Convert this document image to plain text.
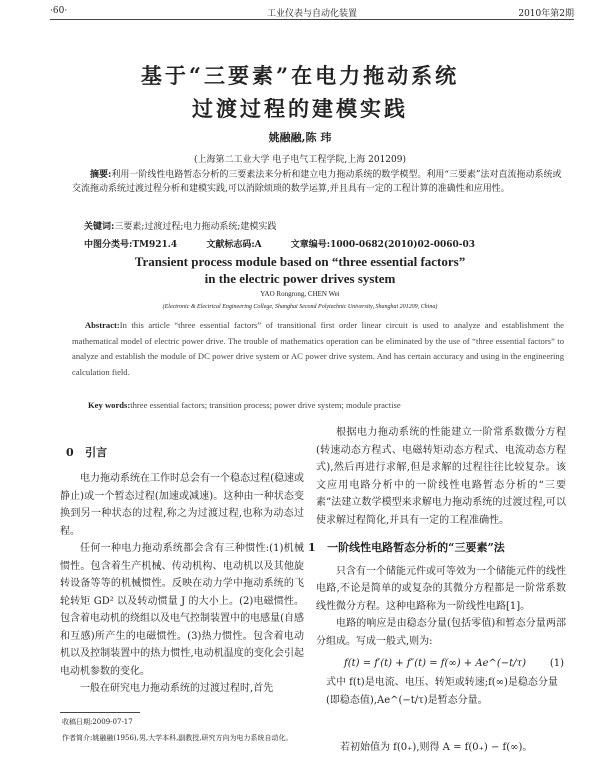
·60·	工业仪表与自动化装置	2010年第2期
基于“三要素”在电力拖动系统
过渡过程的建模实践
姚融融,陈 玮
(上海第二工业大学 电子电气工程学院,上海 201209)
摘要:利用一阶线性电路暂态分析的三要素法来分析和建立电力拖动系统的数学模型。利用“三要素”法对直流拖动系统或交流拖动系统过渡过程分析和建模实践,可以消除烦琐的数学运算,并且具有一定的工程计算的准确性和应用性。
关键词:三要素;过渡过程;电力拖动系统;建模实践
中图分类号:TM921.4	文献标志码:A	文章编号:1000-0682(2010)02-0060-03
Transient process module based on “three essential factors”
in the electric power drives system
YAO Rongrong, CHEN Wei
(Electronic & Electrical Engineering College, Shanghai Second Polytechnic University, Shanghai 201209, China)
Abstract:In this article “three essential factors” of transitional first order linear circuit is used to analyze and establishment the mathematical model of electric power drive. The trouble of mathematics operation can be eliminated by the use of “three essential factors” to analyze and establish the module of DC power drive system or AC power drive system. And has certain accuracy and using in the engineering calculation field.
Key words:three essential factors; transition process; power drive system; module practise
0 引言

电力拖动系统在工作时总会有一个稳态过程(稳速或静止)或一个暂态过程(加速或减速)。这种由一种状态变换到另一种状态的过程,称之为过渡过程,也称为动态过程。

任何一种电力拖动系统都会含有三种惯性:(1)机械惯性。包含着生产机械、传动机构、电动机以及其他旋转设备等等的机械惯性。反映在动力学中拖动系统的飞轮转矩 GD² 以及转动惯量 J 的大小上。(2)电磁惯性。包含着电动机的绕组以及电气控制装置中的电感量(自感和互感)所产生的电磁惯性。(3)热力惯性。包含着电动机以及控制装置中的热力惯性,电动机温度的变化会引起电动机参数的变化。

一般在研究电力拖动系统的过渡过程时,首先

收稿日期:2009-07-17
作者简介:姚融融(1956),男,大学本科,副教授,研究方向为电力系统自动化。

根据电力拖动系统的性能建立一阶常系数微分方程(转速动态方程式、电磁转矩动态方程式、电流动态方程式),然后再进行求解,但是求解的过程往往比较复杂。该文应用电路分析中的一阶线性电路暂态分析的“三要素”法建立数学模型来求解电力拖动系统的过渡过程,可以使求解过程简化,并具有一定的工程准确性。

1 一阶线性电路暂态分析的“三要素”法

只含有一个储能元件或可等效为一个储能元件的线性电路,不论是简单的或复杂的其微分方程都是一阶常系数线性微分方程。这种电路称为一阶线性电路[1]。

电路的响应是由稳态分量(包括零值)和暂态分量两部分组成。写成一般式,则为:

f(t) = f′(t) + f″(t) = f(∞) + Ae^(−t/τ) (1)
式中 f(t)是电流、电压、转矩或转速;f(∞)是稳态分量(即稳态值),Ae^(−t/τ)是暂态分量。
若初始值为 f(0₊),则得 A = f(0₊) − f(∞)。
